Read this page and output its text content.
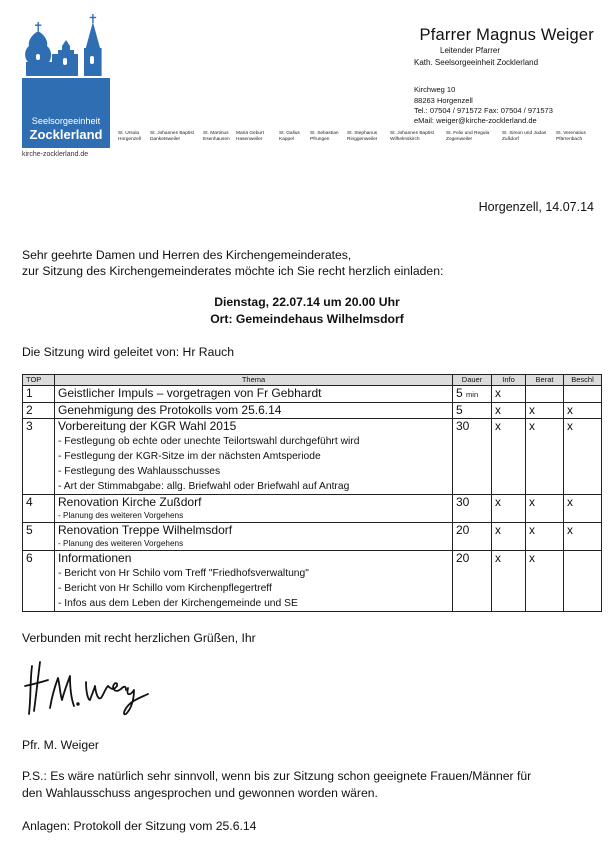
Seelsorgeeinheit
Zocklerland
kirche-zocklerland.de
Pfarrer Magnus Weiger
Leitender Pfarrer
Kath. Seelsorgeeinheit Zocklerland
Kirchweg 10
88263 Horgenzell
Tel.: 07504 / 971572 Fax: 07504 / 971573
eMail: weiger@kirche-zocklerland.de
St. Ursula
Horgenzell
St. Johannes Baptist
Danketsweiler
St. Martinus
Esenhausen
Mariä Geburt
Hasenweiler
St. Gallus
Kappel
St. Sebastian
Pfrungen
St. Stephanus
Ringgenweiler
St. Johannes Baptist
Wilhelmskirch
St. Felix und Regula
Zogenweiler
St. Simon und Judas
Zußdorf
St. Verenatius
Pfärrenbach
Horgenzell, 14.07.14
Sehr geehrte Damen und Herren des Kirchengemeinderates,
zur Sitzung des Kirchengemeinderates möchte ich Sie recht herzlich einladen:
Dienstag, 22.07.14 um 20.00 Uhr
Ort: Gemeindehaus Wilhelmsdorf
Die Sitzung wird geleitet von: Hr Rauch
TOP	Thema	Dauer	Info	Berat	Beschl
1	Geistlicher Impuls – vorgetragen von Fr Gebhardt	5 min	x		
2	Genehmigung des Protokolls vom 25.6.14	5	x	x	x
3	Vorbereitung der KGR Wahl 2015
- Festlegung ob echte oder unechte Teilortswahl durchgeführt wird
- Festlegung der KGR-Sitze im der nächsten Amtsperiode
- Festlegung des Wahlausschusses
- Art der Stimmabgabe: allg. Briefwahl oder Briefwahl auf Antrag	30	x	x	x
4	Renovation Kirche Zußdorf
- Planung des weiteren Vorgehens	30	x	x	x
5	Renovation Treppe Wilhelmsdorf
- Planung des weiteren Vorgehens	20	x	x	x
6	Informationen
- Bericht von Hr Schilo vom Treff "Friedhofsverwaltung"
- Bericht von Hr Schillo vom Kirchenpflegertreff
- Infos aus dem Leben der Kirchengemeinde und SE	20	x	x	
Verbunden mit recht herzlichen Grüßen, Ihr
Pfr. M. Weiger
P.S.: Es wäre natürlich sehr sinnvoll, wenn bis zur Sitzung schon geeignete Frauen/Männer für
den Wahlausschuss angesprochen und gewonnen worden wären.
Anlagen: Protokoll der Sitzung vom 25.6.14
